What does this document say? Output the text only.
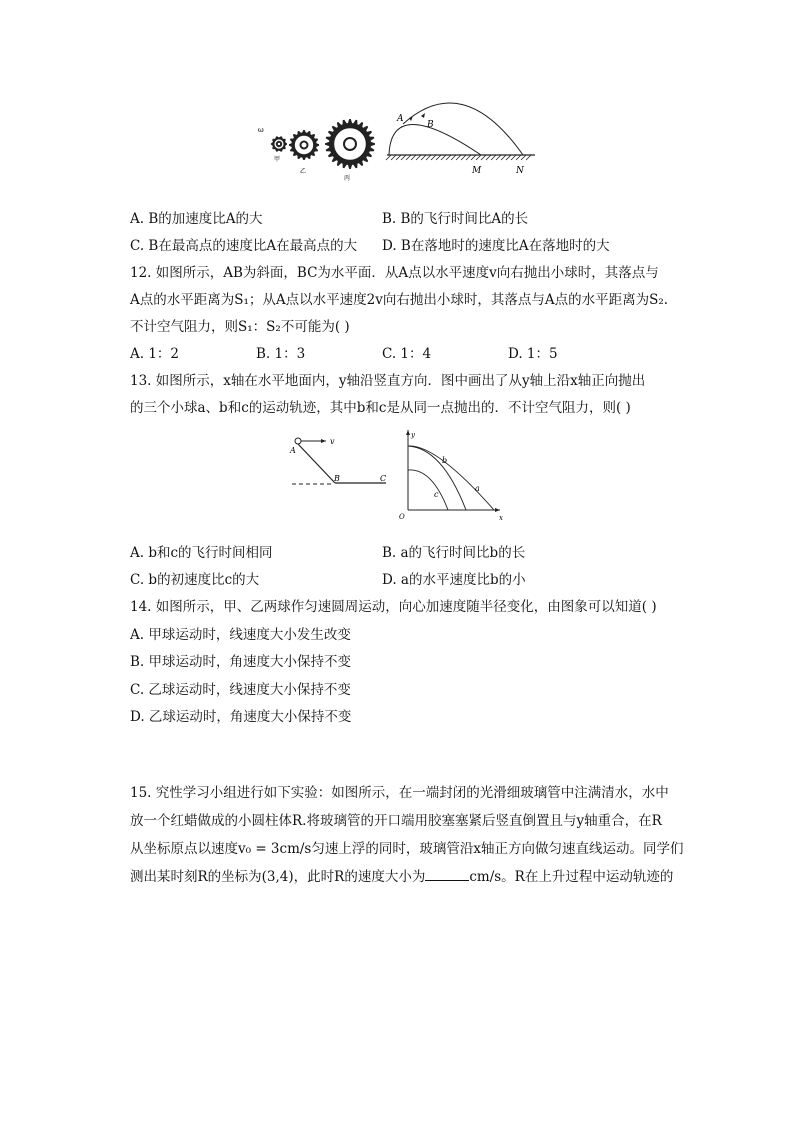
ω
甲
乙
丙
A
B
M	N
A. B的加速度比A的大	B. B的飞行时间比A的长
C. B在最高点的速度比A在最高点的大 D. B在落地时的速度比A在落地时的大
12. 如图所示，AB为斜面，BC为水平面．从A点以水平速度v向右抛出小球时，其落点与
A点的水平距离为S₁；从A点以水平速度2v向右抛出小球时，其落点与A点的水平距离为S₂.
不计空气阻力，则S₁：S₂不可能为( )
A. 1：2	B. 1：3	C. 1：4	D. 1：5
13. 如图所示，x轴在水平地面内，y轴沿竖直方向．图中画出了从y轴上沿x轴正向抛出
的三个小球a、b和c的运动轨迹，其中b和c是从同一点抛出的．不计空气阻力，则( )
A
v
B	C
y
x
O
a
b
c
A. b和c的飞行时间相同	B. a的飞行时间比b的长
C. b的初速度比c的大	D. a的水平速度比b的小
14. 如图所示，甲、乙两球作匀速圆周运动，向心加速度随半径变化，由图象可以知道( )
A. 甲球运动时，线速度大小发生改变
B. 甲球运动时，角速度大小保持不变
C. 乙球运动时，线速度大小保持不变
D. 乙球运动时，角速度大小保持不变
15. 究性学习小组进行如下实验：如图所示，在一端封闭的光滑细玻璃管中注满清水，水中
放一个红蜡做成的小圆柱体R.将玻璃管的开口端用胶塞塞紧后竖直倒置且与y轴重合，在R
从坐标原点以速度v₀ = 3cm/s匀速上浮的同时，玻璃管沿x轴正方向做匀速直线运动。同学们
测出某时刻R的坐标为(3,4)，此时R的速度大小为	cm/s。R在上升过程中运动轨迹的
